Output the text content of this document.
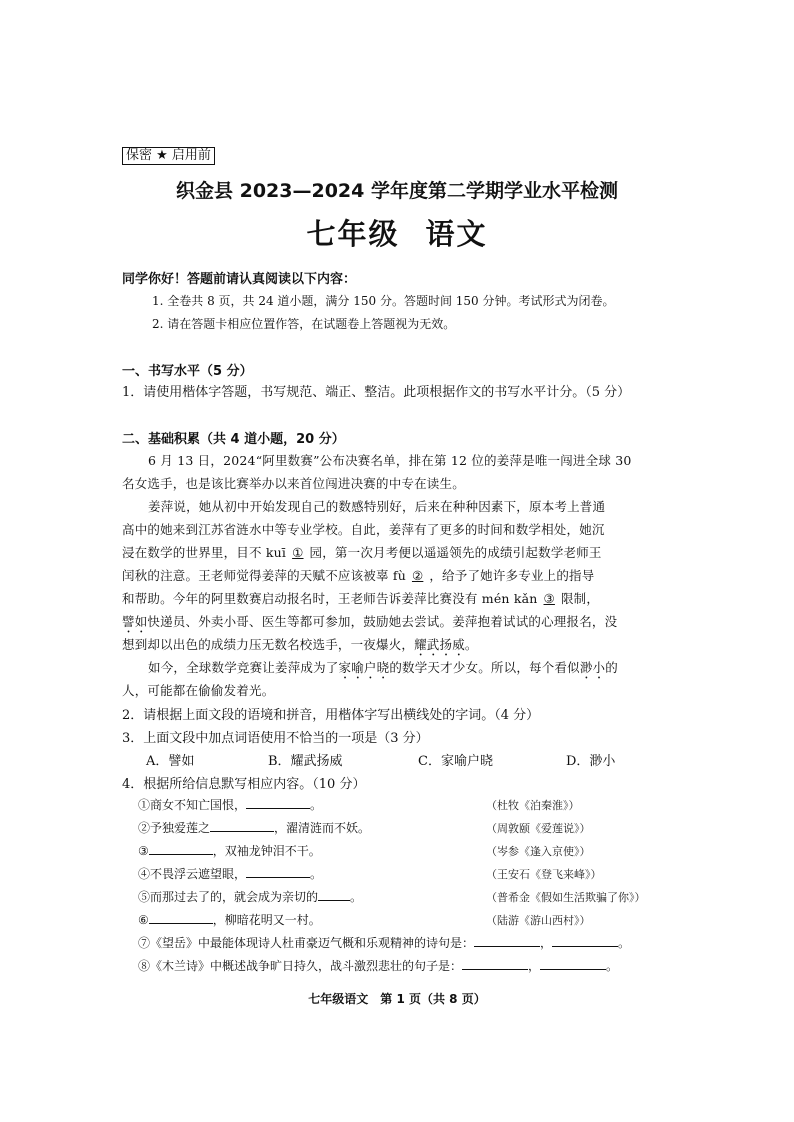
保密 ★ 启用前
织金县 2023—2024 学年度第二学期学业水平检测
七年级 语文
同学你好！答题前请认真阅读以下内容：
1. 全卷共 8 页，共 24 道小题，满分 150 分。答题时间 150 分钟。考试形式为闭卷。
2. 请在答题卡相应位置作答，在试题卷上答题视为无效。
一、书写水平（5 分）
1．请使用楷体字答题，书写规范、端正、整洁。此项根据作文的书写水平计分。（5 分）
二、基础积累（共 4 道小题，20 分）
6 月 13 日，2024“阿里数赛”公布决赛名单，排在第 12 位的姜萍是唯一闯进全球 30
名女选手，也是该比赛举办以来首位闯进决赛的中专在读生。
姜萍说，她从初中开始发现自己的数感特别好，后来在种种因素下，原本考上普通
高中的她来到江苏省涟水中等专业学校。自此，姜萍有了更多的时间和数学相处，她沉
浸在数学的世界里，目不 kuī ① 园，第一次月考便以遥遥领先的成绩引起数学老师王
闰秋的注意。王老师觉得姜萍的天赋不应该被辜 fù ② ，给予了她许多专业上的指导
和帮助。今年的阿里数赛启动报名时，王老师告诉姜萍比赛没有 mén kǎn ③ 限制，
譬如快递员、外卖小哥、医生等都可参加，鼓励她去尝试。姜萍抱着试试的心理报名，没
想到却以出色的成绩力压无数名校选手，一夜爆火，耀武扬威。
如今，全球数学竞赛让姜萍成为了家喻户晓的数学天才少女。所以，每个看似渺小的
人，可能都在偷偷发着光。
2．请根据上面文段的语境和拼音，用楷体字写出横线处的字词。（4 分）
3．上面文段中加点词语使用不恰当的一项是（3 分）
A．譬如	B．耀武扬威	C．家喻户晓	D．渺小
4．根据所给信息默写相应内容。（10 分）
①商女不知亡国恨，	。	（杜牧《泊秦淮》）
②予独爱莲之	，濯清涟而不妖。	（周敦颐《爱莲说》）
③	，双袖龙钟泪不干。	（岑参《逢入京使》）
④不畏浮云遮望眼，	。	（王安石《登飞来峰》）
⑤而那过去了的，就会成为亲切的	。	（普希金《假如生活欺骗了你》）
⑥	，柳暗花明又一村。	（陆游《游山西村》）
⑦《望岳》中最能体现诗人杜甫豪迈气概和乐观精神的诗句是：	，	。
⑧《木兰诗》中概述战争旷日持久，战斗激烈悲壮的句子是：	，	。
七年级语文　第 1 页（共 8 页）
